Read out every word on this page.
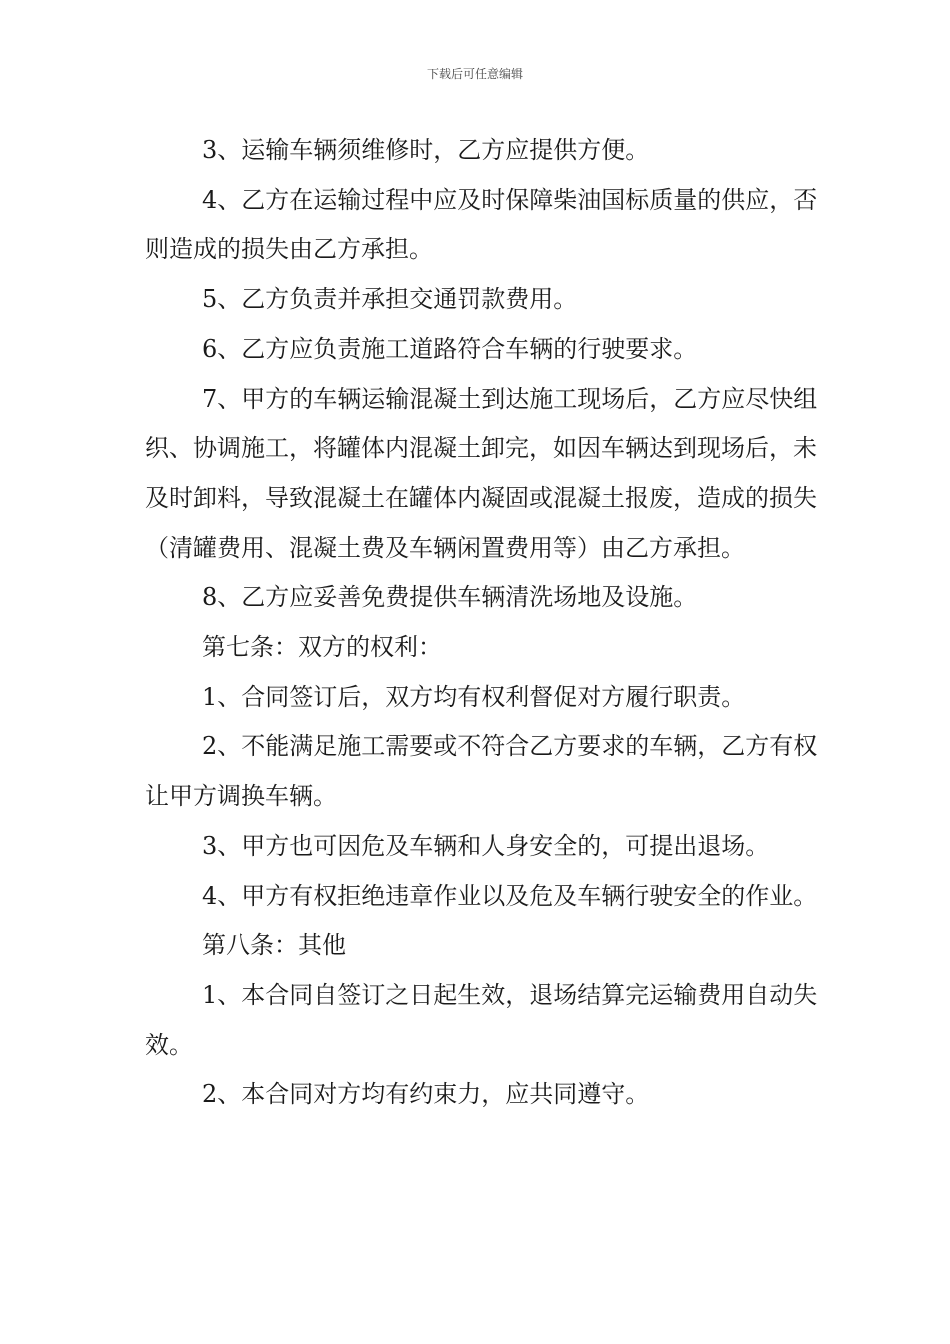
下载后可任意编辑

3、运输车辆须维修时，乙方应提供方便。

4、乙方在运输过程中应及时保障柴油国标质量的供应，否则造成的损失由乙方承担。

5、乙方负责并承担交通罚款费用。

6、乙方应负责施工道路符合车辆的行驶要求。

7、甲方的车辆运输混凝土到达施工现场后，乙方应尽快组织、协调施工，将罐体内混凝土卸完，如因车辆达到现场后，未及时卸料，导致混凝土在罐体内凝固或混凝土报废，造成的损失（清罐费用、混凝土费及车辆闲置费用等）由乙方承担。

8、乙方应妥善免费提供车辆清洗场地及设施。

第七条：双方的权利：

1、合同签订后，双方均有权利督促对方履行职责。

2、不能满足施工需要或不符合乙方要求的车辆，乙方有权让甲方调换车辆。

3、甲方也可因危及车辆和人身安全的，可提出退场。

4、甲方有权拒绝违章作业以及危及车辆行驶安全的作业。

第八条：其他

1、本合同自签订之日起生效，退场结算完运输费用自动失效。

2、本合同对方均有约束力，应共同遵守。
